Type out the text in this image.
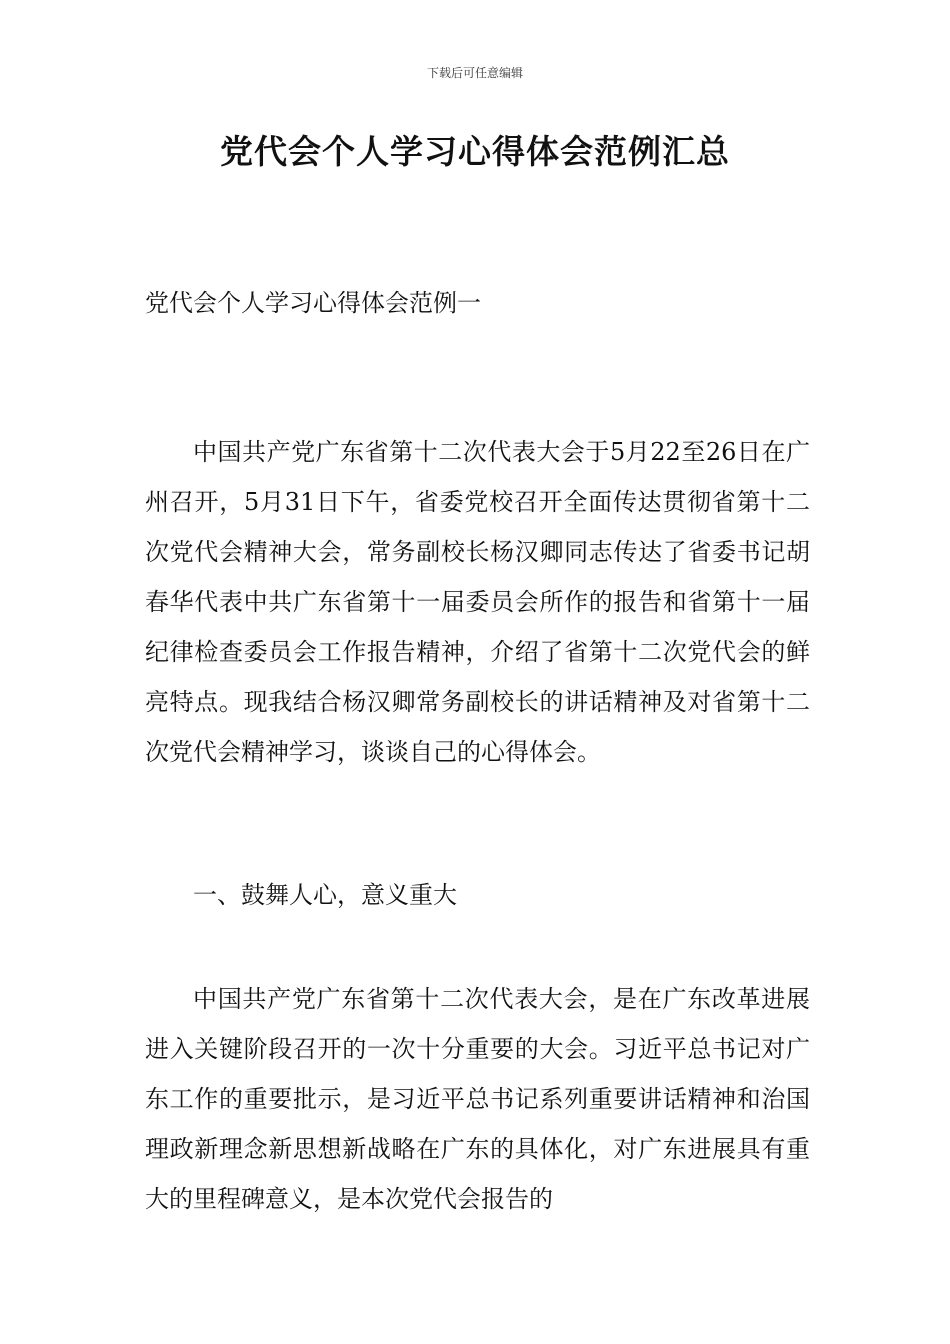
下载后可任意编辑
党代会个人学习心得体会范例汇总
党代会个人学习心得体会范例一

中国共产党广东省第十二次代表大会于5月22至26日在广州召开，5月31日下午，省委党校召开全面传达贯彻省第十二次党代会精神大会，常务副校长杨汉卿同志传达了省委书记胡春华代表中共广东省第十一届委员会所作的报告和省第十一届纪律检查委员会工作报告精神，介绍了省第十二次党代会的鲜亮特点。现我结合杨汉卿常务副校长的讲话精神及对省第十二次党代会精神学习，谈谈自己的心得体会。

一、鼓舞人心，意义重大

中国共产党广东省第十二次代表大会，是在广东改革进展进入关键阶段召开的一次十分重要的大会。习近平总书记对广东工作的重要批示，是习近平总书记系列重要讲话精神和治国理政新理念新思想新战略在广东的具体化，对广东进展具有重大的里程碑意义，是本次党代会报告的
